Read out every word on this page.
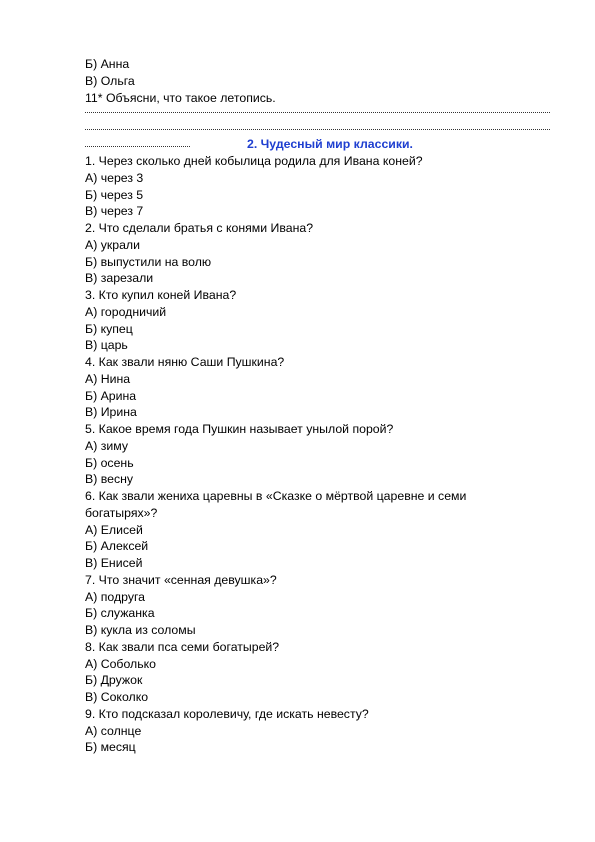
Б) Анна
В) Ольга
11* Объясни, что такое летопись.
2. Чудесный мир классики.
1. Через сколько дней кобылица родила для Ивана коней?
А) через 3
Б) через 5
В) через 7
2. Что сделали братья с конями Ивана?
А) украли
Б) выпустили на волю
В) зарезали
3. Кто купил коней Ивана?
А) городничий
Б) купец
В) царь
4. Как звали няню Саши Пушкина?
А) Нина
Б) Арина
В) Ирина
5. Какое время года Пушкин называет унылой порой?
А) зиму
Б) осень
В) весну
6. Как звали жениха царевны в «Сказке о мёртвой царевне и семи богатырях»?
А) Елисей
Б) Алексей
В) Енисей
7. Что значит «сенная девушка»?
А) подруга
Б) служанка
В) кукла из соломы
8. Как звали пса семи богатырей?
А) Соболько
Б) Дружок
В) Соколко
9. Кто подсказал королевичу, где искать невесту?
А) солнце
Б) месяц
